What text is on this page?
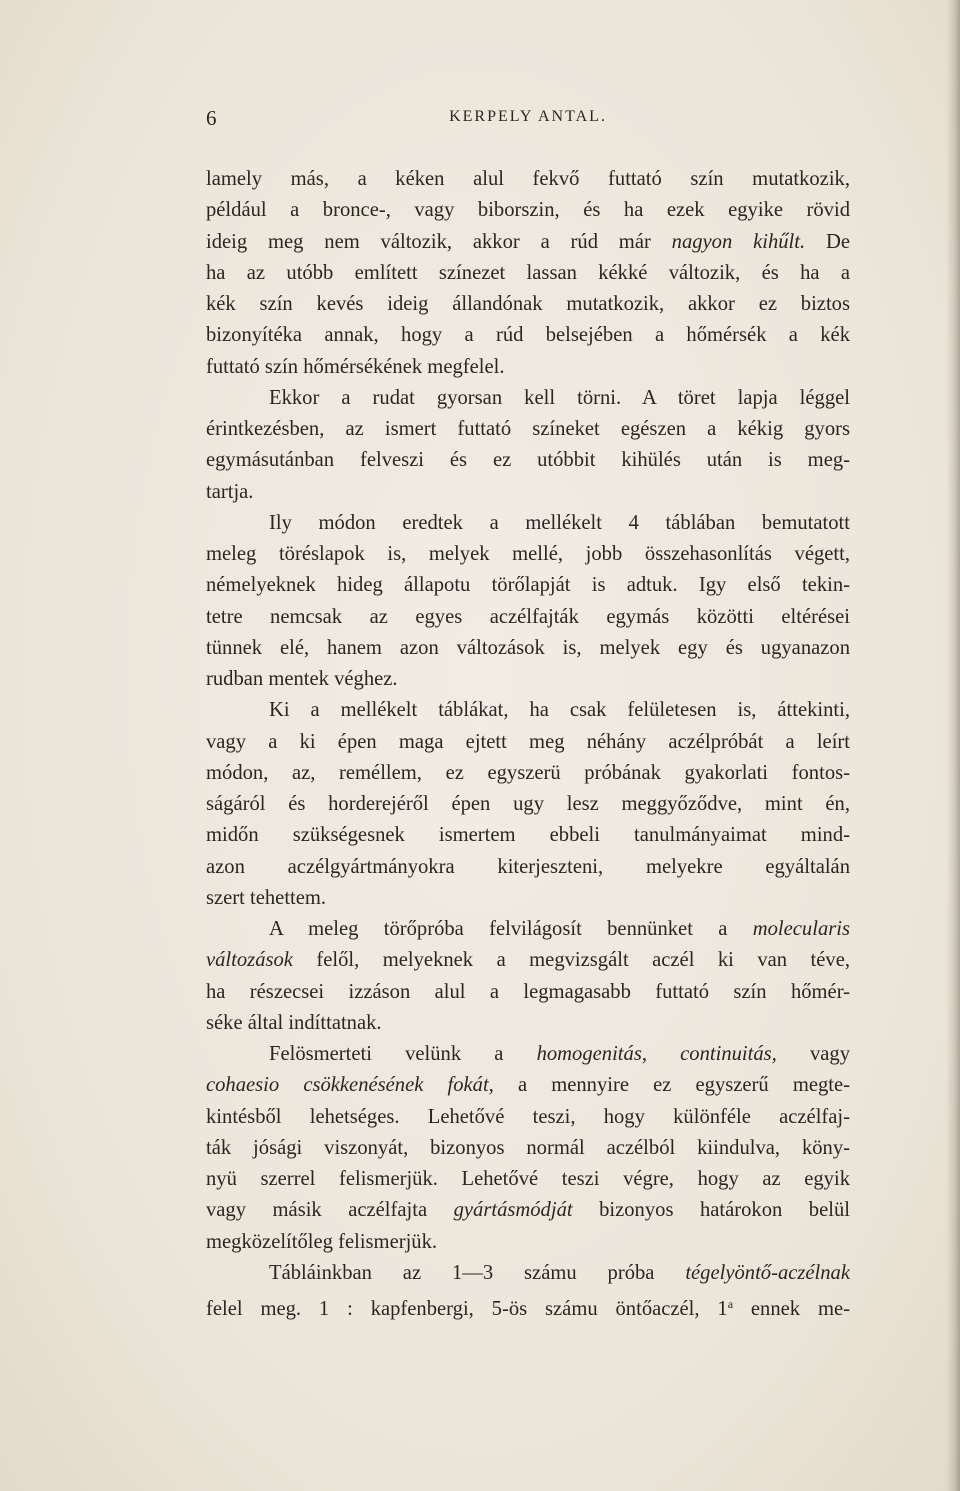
6	KERPELY ANTAL.

lamely más, a kéken alul fekvő futtató szín mutatkozik,
például a bronce-, vagy biborszin, és ha ezek egyike rövid
ideig meg nem változik, akkor a rúd már nagyon kihűlt. De
ha az utóbb említett színezet lassan kékké változik, és ha a
kék szín kevés ideig állandónak mutatkozik, akkor ez biztos
bizonyítéka annak, hogy a rúd belsejében a hőmérsék a kék
futtató szín hőmérsékének megfelel.

Ekkor a rudat gyorsan kell törni. A töret lapja léggel
érintkezésben, az ismert futtató színeket egészen a kékig gyors
egymásutánban felveszi és ez utóbbit kihülés után is meg-
tartja.

Ily módon eredtek a mellékelt 4 táblában bemutatott
meleg töréslapok is, melyek mellé, jobb összehasonlítás végett,
némelyeknek hideg állapotu törőlapját is adtuk. Igy első tekin-
tetre nemcsak az egyes aczélfajták egymás közötti eltérései
tünnek elé, hanem azon változások is, melyek egy és ugyanazon
rudban mentek véghez.

Ki a mellékelt táblákat, ha csak felületesen is, áttekinti,
vagy a ki épen maga ejtett meg néhány aczélpróbát a leírt
módon, az, reméllem, ez egyszerü próbának gyakorlati fontos-
ságáról és horderejéről épen ugy lesz meggyőződve, mint én,
midőn szükségesnek ismertem ebbeli tanulmányaimat mind-
azon aczélgyártmányokra kiterjeszteni, melyekre egyáltalán
szert tehettem.

A meleg törőpróba felvilágosít bennünket a molecularis
változások felől, melyeknek a megvizsgált aczél ki van téve,
ha részecsei izzáson alul a legmagasabb futtató szín hőmér-
séke által indíttatnak.

Felösmerteti velünk a homogenitás, continuitás, vagy
cohaesio csökkenésének fokát, a mennyire ez egyszerű megte-
kintésből lehetséges. Lehetővé teszi, hogy különféle aczélfaj-
ták jósági viszonyát, bizonyos normál aczélból kiindulva, köny-
nyü szerrel felismerjük. Lehetővé teszi végre, hogy az egyik
vagy másik aczélfajta gyártásmódját bizonyos határokon belül
megközelítőleg felismerjük.

Tábláinkban az 1—3 számu próba tégelyöntő-aczélnak
felel meg. 1 : kapfenbergi, 5-ös számu öntőaczél, 1$^a$ ennek me-
